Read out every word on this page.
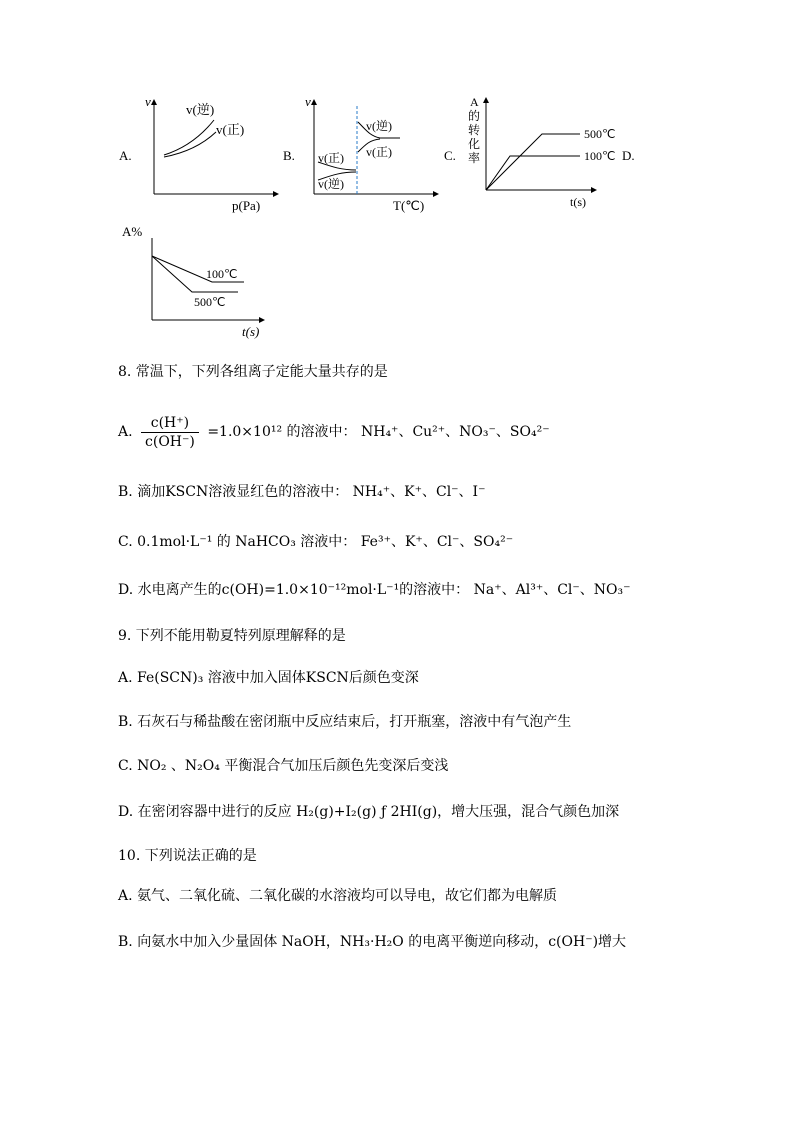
A.
v
p(Pa)
v(逆)
v(正)
B.
v
T(℃)
v(正)
v(逆)
v(逆)
v(正)	C.
A
的
转
化
率
t(s)
500℃
100℃ D.
A%
t(s)
100℃
500℃
8. 常温下，下列各组离子定能大量共存的是
A. $\frac{c(H^+)}{c(OH^-)} =1.0\times 10^{12}$ 的溶液中： NH₄⁺、Cu²⁺、NO₃⁻、SO₄²⁻
B. 滴加KSCN溶液显红色的溶液中： NH₄⁺、K⁺、Cl⁻、I⁻
C. 0.1mol·L⁻¹ 的 NaHCO₃ 溶液中： Fe³⁺、K⁺、Cl⁻、SO₄²⁻
D. 水电离产生的c(OH)=1.0×10⁻¹²mol·L⁻¹的溶液中： Na⁺、Al³⁺、Cl⁻、NO₃⁻
9. 下列不能用勒夏特列原理解释的是
A. Fe(SCN)₃ 溶液中加入固体KSCN后颜色变深
B. 石灰石与稀盐酸在密闭瓶中反应结束后，打开瓶塞，溶液中有气泡产生
C. NO₂ 、N₂O₄ 平衡混合气加压后颜色先变深后变浅
D. 在密闭容器中进行的反应 H₂(g)+I₂(g) ƒ 2HI(g)，增大压强，混合气颜色加深
10. 下列说法正确的是
A. 氨气、二氧化硫、二氧化碳的水溶液均可以导电，故它们都为电解质
B. 向氨水中加入少量固体 NaOH，NH₃·H₂O 的电离平衡逆向移动，c(OH⁻)增大
